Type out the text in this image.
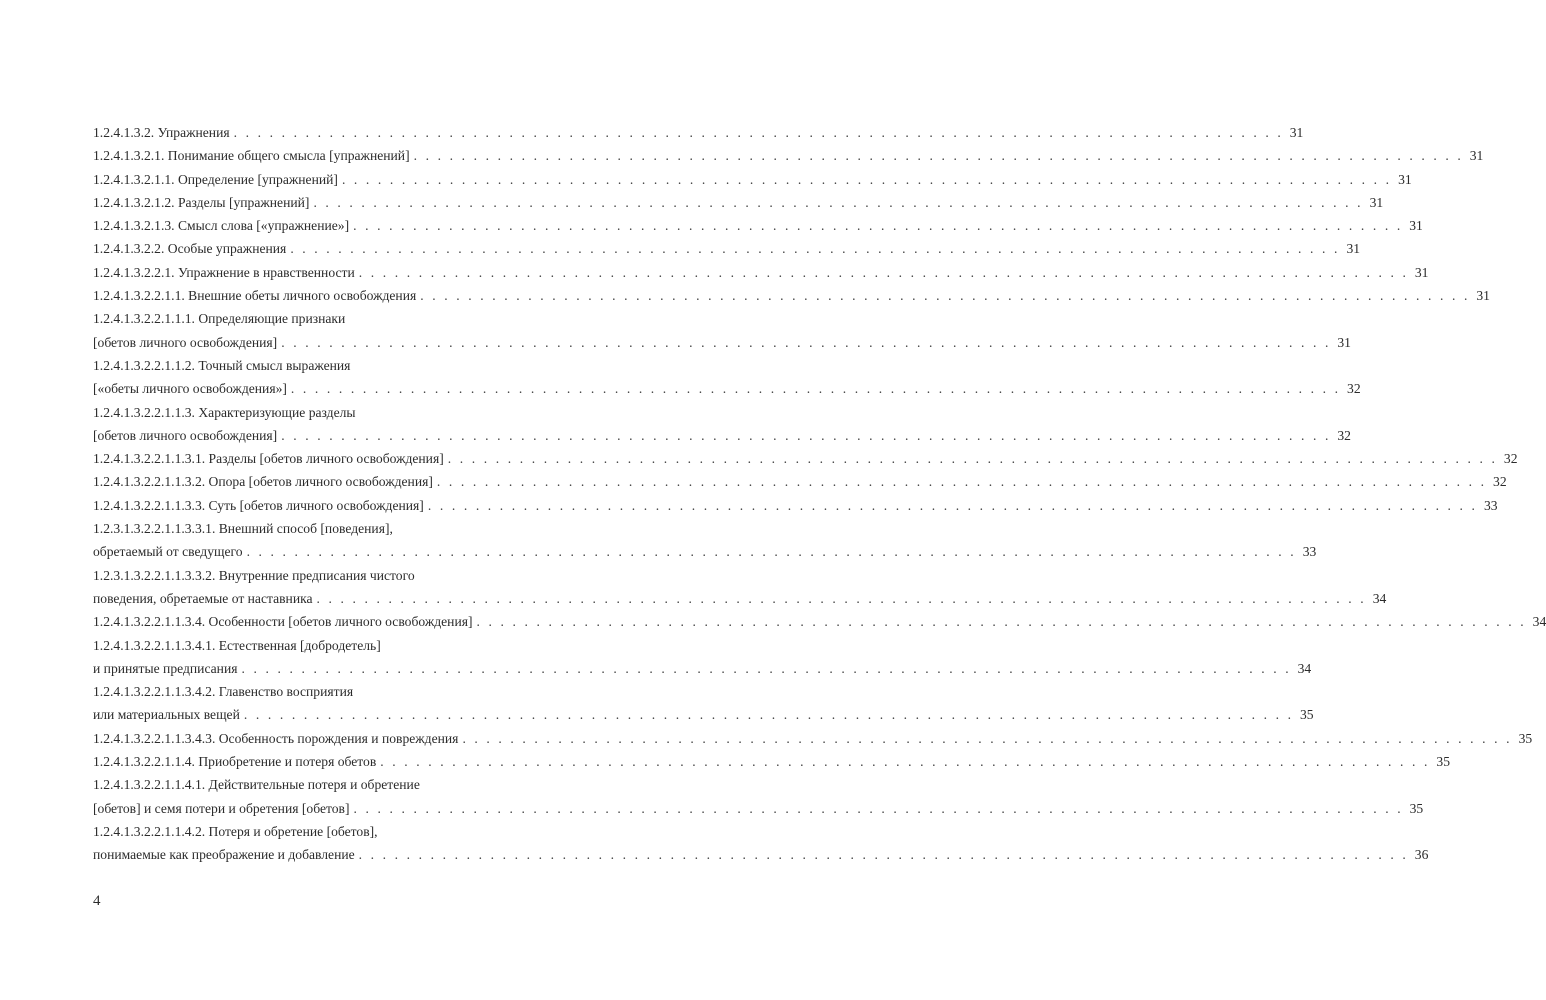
1.2.4.1.3.2. Упражнения . . . . . . . . . . . . . . . . . . . . . . . . . . . . . . . . . . . . . . . . . . . . . . . . . . . . . . . . . . . . . . . . . . . . . . . . . . . . . . . . . . . . . . . . 31
1.2.4.1.3.2.1. Понимание общего смысла [упражнений] . . . . . . . . . . . . . . . . . . . . . . . . . . . . . . . . . . . . . . . . . . . . . . . . . . . . . . . . . . . . . . . . . . . . . . . . . . . . . . . . . . . . . . . . 31
1.2.4.1.3.2.1.1. Определение [упражнений] . . . . . . . . . . . . . . . . . . . . . . . . . . . . . . . . . . . . . . . . . . . . . . . . . . . . . . . . . . . . . . . . . . . . . . . . . . . . . . . . . . . . . . . . 31
1.2.4.1.3.2.1.2. Разделы [упражнений] . . . . . . . . . . . . . . . . . . . . . . . . . . . . . . . . . . . . . . . . . . . . . . . . . . . . . . . . . . . . . . . . . . . . . . . . . . . . . . . . . . . . . . . . 31
1.2.4.1.3.2.1.3. Смысл слова [«упражнение»] . . . . . . . . . . . . . . . . . . . . . . . . . . . . . . . . . . . . . . . . . . . . . . . . . . . . . . . . . . . . . . . . . . . . . . . . . . . . . . . . . . . . . . . . 31
1.2.4.1.3.2.2. Особые упражнения . . . . . . . . . . . . . . . . . . . . . . . . . . . . . . . . . . . . . . . . . . . . . . . . . . . . . . . . . . . . . . . . . . . . . . . . . . . . . . . . . . . . . . . . 31
1.2.4.1.3.2.2.1. Упражнение в нравственности . . . . . . . . . . . . . . . . . . . . . . . . . . . . . . . . . . . . . . . . . . . . . . . . . . . . . . . . . . . . . . . . . . . . . . . . . . . . . . . . . . . . . . . . 31
1.2.4.1.3.2.2.1.1. Внешние обеты личного освобождения . . . . . . . . . . . . . . . . . . . . . . . . . . . . . . . . . . . . . . . . . . . . . . . . . . . . . . . . . . . . . . . . . . . . . . . . . . . . . . . . . . . . . . . . 31
1.2.4.1.3.2.2.1.1.1. Определяющие признаки
[обетов личного освобождения] . . . . . . . . . . . . . . . . . . . . . . . . . . . . . . . . . . . . . . . . . . . . . . . . . . . . . . . . . . . . . . . . . . . . . . . . . . . . . . . . . . . . . . . . 31
1.2.4.1.3.2.2.1.1.2. Точный смысл выражения
[«обеты личного освобождения»] . . . . . . . . . . . . . . . . . . . . . . . . . . . . . . . . . . . . . . . . . . . . . . . . . . . . . . . . . . . . . . . . . . . . . . . . . . . . . . . . . . . . . . . . 32
1.2.4.1.3.2.2.1.1.3. Характеризующие разделы
[обетов личного освобождения] . . . . . . . . . . . . . . . . . . . . . . . . . . . . . . . . . . . . . . . . . . . . . . . . . . . . . . . . . . . . . . . . . . . . . . . . . . . . . . . . . . . . . . . . 32
1.2.4.1.3.2.2.1.1.3.1. Разделы [обетов личного освобождения] . . . . . . . . . . . . . . . . . . . . . . . . . . . . . . . . . . . . . . . . . . . . . . . . . . . . . . . . . . . . . . . . . . . . . . . . . . . . . . . . . . . . . . . . 32
1.2.4.1.3.2.2.1.1.3.2. Опора [обетов личного освобождения] . . . . . . . . . . . . . . . . . . . . . . . . . . . . . . . . . . . . . . . . . . . . . . . . . . . . . . . . . . . . . . . . . . . . . . . . . . . . . . . . . . . . . . . . 32
1.2.4.1.3.2.2.1.1.3.3. Суть [обетов личного освобождения] . . . . . . . . . . . . . . . . . . . . . . . . . . . . . . . . . . . . . . . . . . . . . . . . . . . . . . . . . . . . . . . . . . . . . . . . . . . . . . . . . . . . . . . . 33
1.2.3.1.3.2.2.1.1.3.3.1. Внешний способ [поведения],
обретаемый от сведущего . . . . . . . . . . . . . . . . . . . . . . . . . . . . . . . . . . . . . . . . . . . . . . . . . . . . . . . . . . . . . . . . . . . . . . . . . . . . . . . . . . . . . . . . 33
1.2.3.1.3.2.2.1.1.3.3.2. Внутренние предписания чистого
поведения, обретаемые от наставника . . . . . . . . . . . . . . . . . . . . . . . . . . . . . . . . . . . . . . . . . . . . . . . . . . . . . . . . . . . . . . . . . . . . . . . . . . . . . . . . . . . . . . . . 34
1.2.4.1.3.2.2.1.1.3.4. Особенности [обетов личного освобождения] . . . . . . . . . . . . . . . . . . . . . . . . . . . . . . . . . . . . . . . . . . . . . . . . . . . . . . . . . . . . . . . . . . . . . . . . . . . . . . . . . . . . . . . . 34
1.2.4.1.3.2.2.1.1.3.4.1. Естественная [добродетель]
и принятые предписания . . . . . . . . . . . . . . . . . . . . . . . . . . . . . . . . . . . . . . . . . . . . . . . . . . . . . . . . . . . . . . . . . . . . . . . . . . . . . . . . . . . . . . . . 34
1.2.4.1.3.2.2.1.1.3.4.2. Главенство восприятия
или материальных вещей . . . . . . . . . . . . . . . . . . . . . . . . . . . . . . . . . . . . . . . . . . . . . . . . . . . . . . . . . . . . . . . . . . . . . . . . . . . . . . . . . . . . . . . . 35
1.2.4.1.3.2.2.1.1.3.4.3. Особенность порождения и повреждения . . . . . . . . . . . . . . . . . . . . . . . . . . . . . . . . . . . . . . . . . . . . . . . . . . . . . . . . . . . . . . . . . . . . . . . . . . . . . . . . . . . . . . . . 35
1.2.4.1.3.2.2.1.1.4. Приобретение и потеря обетов . . . . . . . . . . . . . . . . . . . . . . . . . . . . . . . . . . . . . . . . . . . . . . . . . . . . . . . . . . . . . . . . . . . . . . . . . . . . . . . . . . . . . . . . 35
1.2.4.1.3.2.2.1.1.4.1. Действительные потеря и обретение
[обетов] и семя потери и обретения [обетов] . . . . . . . . . . . . . . . . . . . . . . . . . . . . . . . . . . . . . . . . . . . . . . . . . . . . . . . . . . . . . . . . . . . . . . . . . . . . . . . . . . . . . . . . 35
1.2.4.1.3.2.2.1.1.4.2. Потеря и обретение [обетов],
понимаемые как преображение и добавление . . . . . . . . . . . . . . . . . . . . . . . . . . . . . . . . . . . . . . . . . . . . . . . . . . . . . . . . . . . . . . . . . . . . . . . . . . . . . . . . . . . . . . . . 36
4
